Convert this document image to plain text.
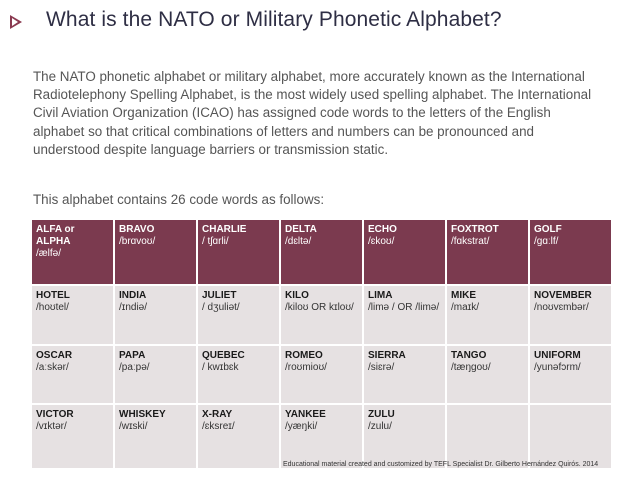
What is the NATO or Military Phonetic Alphabet?

The NATO phonetic alphabet or military alphabet, more accurately known as the International Radiotelephony Spelling Alphabet, is the most widely used spelling alphabet. The International Civil Aviation Organization (ICAO) has assigned code words to the letters of the English alphabet so that critical combinations of letters and numbers can be pronounced and understood despite language barriers or transmission static.

This alphabet contains 26 code words as follows:

ALFA or ALPHA
/ælfə/	BRAVO
/brɑvoʊ/	CHARLIE
/ tʃɑrli/	DELTA
/dɛltə/	ECHO
/ɛkoʊ/	FOXTROT
/fɑkstrat/	GOLF
/gɑːlf/

HOTEL
/hoʊtel/	INDIA
/ɪndiə/	JULIET
/ dʒuliət/	KILO
/kiloʊ OR kɪloʊ/	LIMA
/limə / OR /limə/	MIKE
/maɪk/	NOVEMBER
/noʊvɛmbər/

OSCAR
/aːskər/	PAPA
/paːpə/	QUEBEC
/ kwɪbɛk	ROMEO
/roʊmioʊ/	SIERRA
/siɛrə/	TANGO
/tæŋgoʊ/	UNIFORM
/yunəfɔrm/

VICTOR
/vɪktər/	WHISKEY
/wɪski/	X-RAY
/ɛksreɪ/	YANKEE
/yæŋki/	ZULU
/zulu/		

Educational material created and customized by TEFL Specialist Dr. Gilberto Hernández Quirós. 2014
